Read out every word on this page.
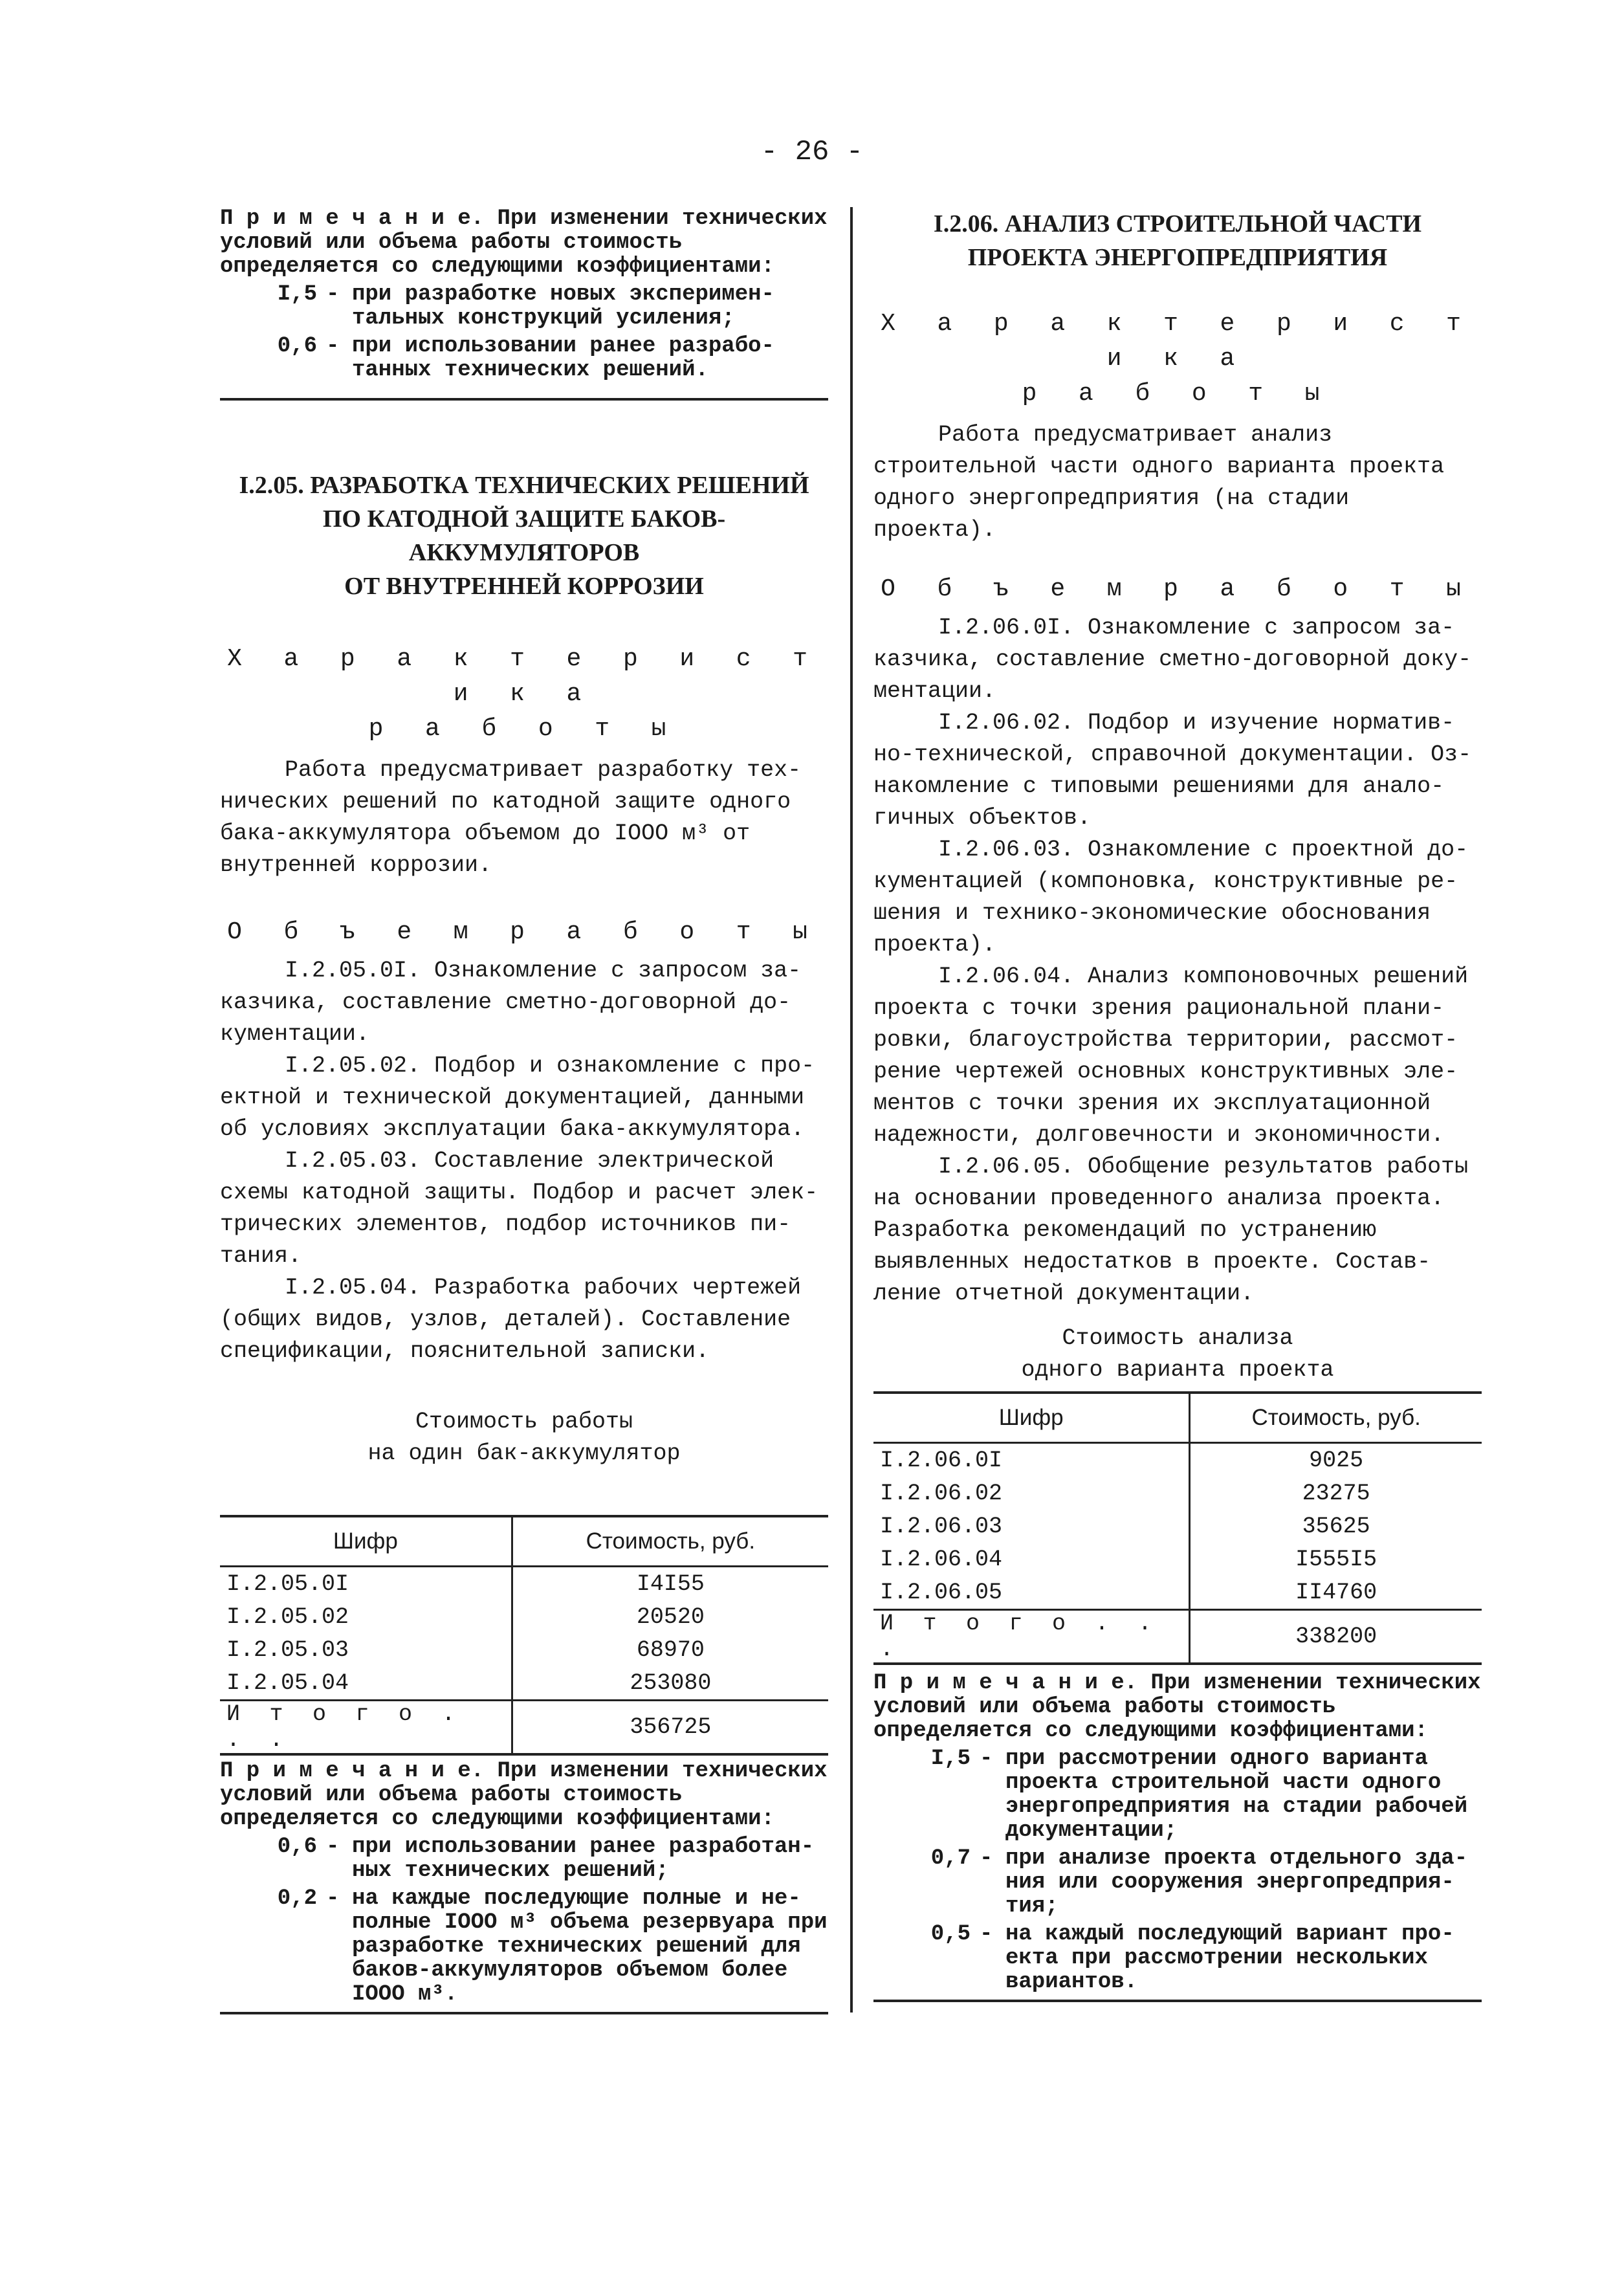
- 26 -

П р и м е ч а н и е. При изменении технических условий или объема работы стоимость определяется со следующими коэффициентами:

I,5 - при разработке новых экспериментальных конструкций усиления;
0,6 - при использовании ранее разработанных технических решений.

I.2.05. РАЗРАБОТКА ТЕХНИЧЕСКИХ РЕШЕНИЙ

ПО КАТОДНОЙ ЗАЩИТЕ БАКОВ-АККУМУЛЯТОРОВ

ОТ ВНУТРЕННЕЙ КОРРОЗИИ

Х а р а к т е р и с т и к а

р а б о т ы

Работа предусматривает разработку технических решений по катодной защите одного бака-аккумулятора объемом до IOOO м³ от внутренней коррозии.

О б ъ е м р а б о т ы

I.2.05.0I. Ознакомление с запросом заказчика, составление сметно-договорной документации.

I.2.05.02. Подбор и ознакомление с проектной и технической документацией, данными об условиях эксплуатации бака-аккумулятора.

I.2.05.03. Составление электрической схемы катодной защиты. Подбор и расчет электрических элементов, подбор источников питания.

I.2.05.04. Разработка рабочих чертежей (общих видов, узлов, деталей). Составление спецификации, пояснительной записки.

Стоимость работы

на один бак-аккумулятор

Шифр	Стоимость, руб.
I.2.05.0I	I4I55
I.2.05.02	20520
I.2.05.03	68970
I.2.05.04	253080
И т о г о . . .	356725

П р и м е ч а н и е. При изменении технических условий или объема работы стоимость определяется со следующими коэффициентами:

0,6 - при использовании ранее разработанных технических решений;
0,2 - на каждые последующие полные и неполные IOOO м³ объема резервуара при разработке технических решений для баков-аккумуляторов объемом более IOOO м³.

I.2.06. АНАЛИЗ СТРОИТЕЛЬНОЙ ЧАСТИ

ПРОЕКТА ЭНЕРГОПРЕДПРИЯТИЯ

Х а р а к т е р и с т и к а

р а б о т ы

Работа предусматривает анализ строительной части одного варианта проекта одного энергопредприятия (на стадии проекта).

О б ъ е м р а б о т ы

I.2.06.0I. Ознакомление с запросом заказчика, составление сметно-договорной документации.

I.2.06.02. Подбор и изучение нормативно-технической, справочной документации. Ознакомление с типовыми решениями для аналогичных объектов.

I.2.06.03. Ознакомление с проектной документацией (компоновка, конструктивные решения и технико-экономические обоснования проекта).

I.2.06.04. Анализ компоновочных решений проекта с точки зрения рациональной планировки, благоустройства территории, рассмотрение чертежей основных конструктивных элементов с точки зрения их эксплуатационной надежности, долговечности и экономичности.

I.2.06.05. Обобщение результатов работы на основании проведенного анализа проекта. Разработка рекомендаций по устранению выявленных недостатков в проекте. Составление отчетной документации.

Стоимость анализа

одного варианта проекта

Шифр	Стоимость, руб.
I.2.06.0I	9025
I.2.06.02	23275
I.2.06.03	35625
I.2.06.04	I555I5
I.2.06.05	II4760
И т о г о . . .	338200

П р и м е ч а н и е. При изменении технических условий или объема работы стоимость определяется со следующими коэффициентами:

I,5 - при рассмотрении одного варианта проекта строительной части одного энергопредприятия на стадии рабочей документации;
0,7 - при анализе проекта отдельного здания или сооружения энергопредприятия;
0,5 - на каждый последующий вариант проекта при рассмотрении нескольких вариантов.
